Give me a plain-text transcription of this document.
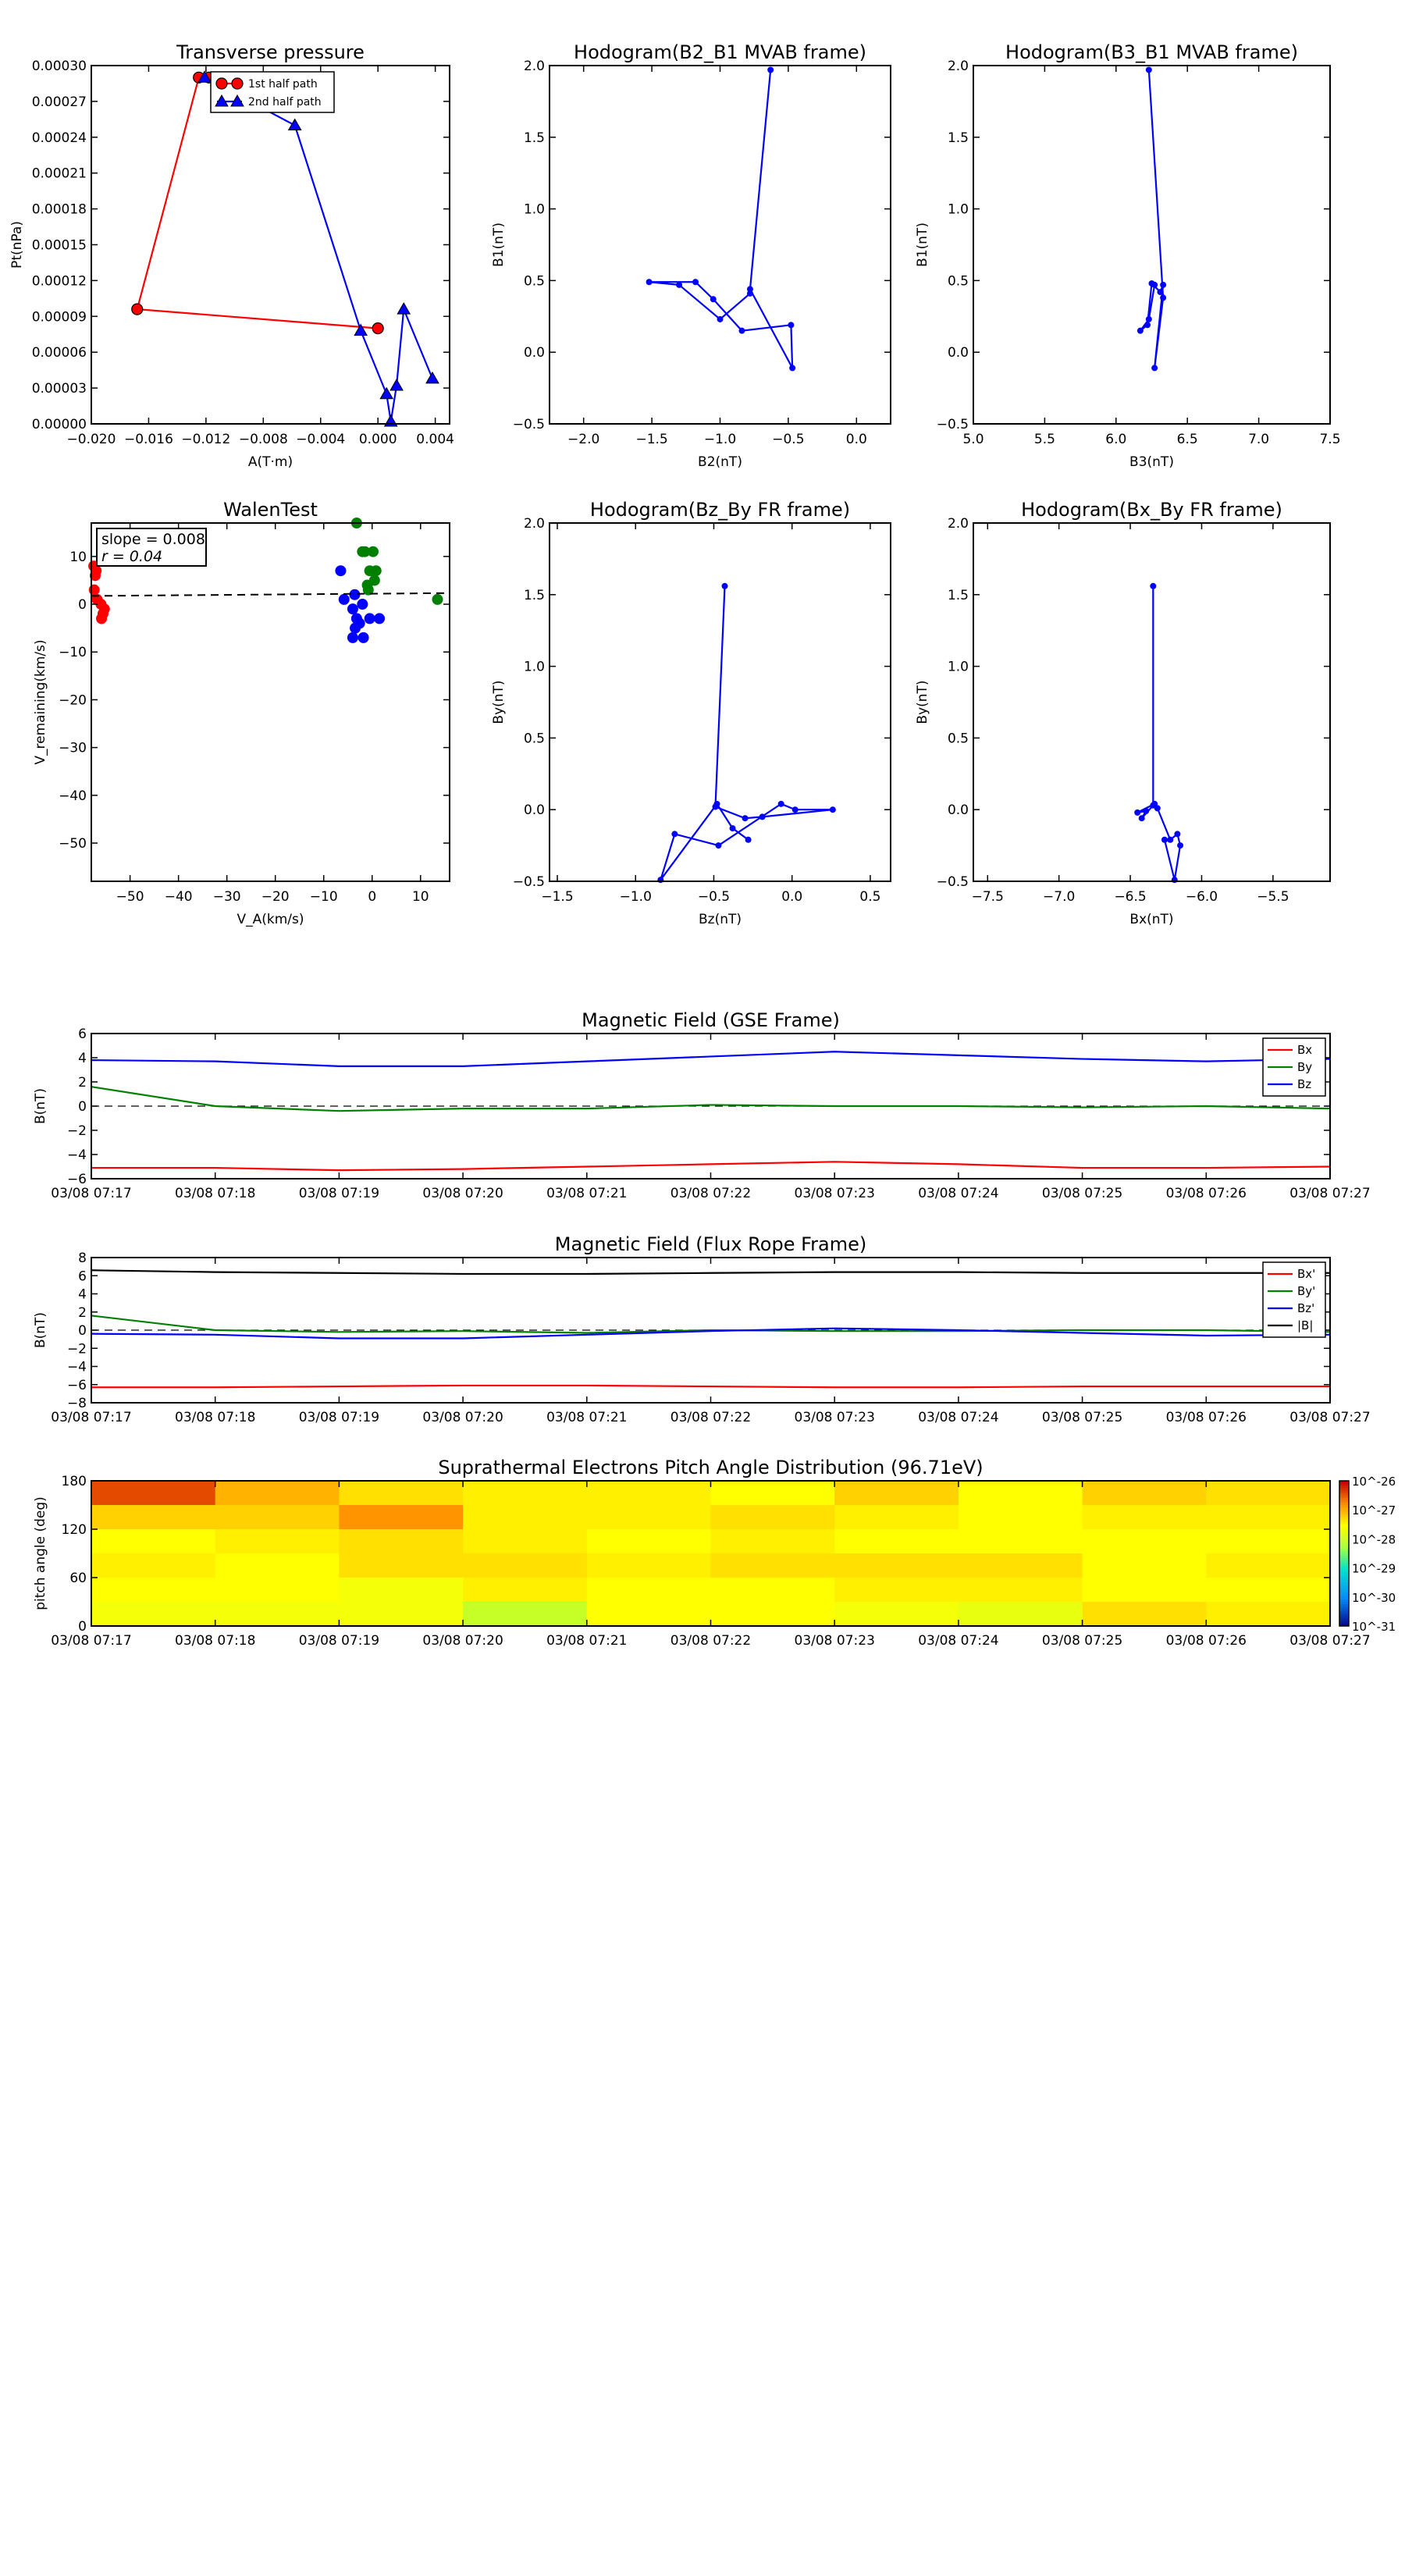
Transverse pressure
−0.020 −0.016 −0.012 −0.008 −0.004 0.000 0.004
0.00000
0.00003
0.00006
0.00009
0.00012
0.00015
0.00018
0.00021
0.00024
0.00027
0.00030
A(T·m)
Pt(nPa)
1st half path
2nd half path
Hodogram(B2_B1 MVAB frame)
−2.0	−1.5	−1.0	−0.5	0.0
−0.5
0.0
0.5
1.0
1.5
2.0
B2(nT)
B1(nT)
Hodogram(B3_B1 MVAB frame)
5.0	5.5	6.0	6.5	7.0	7.5
−0.5
0.0
0.5
1.0
1.5
2.0
B3(nT)
B1(nT)
WalenTest
−50 −40 −30 −20 −10 0	10
−50
−40
−30
−20
−10
0
10
V_A(km/s)
V_remaining(km/s)
slope = 0.008
r = 0.04
Hodogram(Bz_By FR frame)
−1.5	−1.0	−0.5	0.0	0.5
−0.5
0.0
0.5
1.0
1.5
2.0
Bz(nT)
By(nT)
Hodogram(Bx_By FR frame)
−7.5	−7.0	−6.5	−6.0	−5.5
−0.5
0.0
0.5
1.0
1.5
2.0
Bx(nT)
By(nT)
Magnetic Field (GSE Frame)
03/08 07:17	03/08 07:18	03/08 07:19	03/08 07:20	03/08 07:21	03/08 07:22	03/08 07:23	03/08 07:24	03/08 07:25	03/08 07:26	03/08 07:27
−6
−4
−2
0
2
4
6
B(nT)
Bx
By
Bz
Magnetic Field (Flux Rope Frame)
03/08 07:17	03/08 07:18	03/08 07:19	03/08 07:20	03/08 07:21	03/08 07:22	03/08 07:23	03/08 07:24	03/08 07:25	03/08 07:26	03/08 07:27
−8
−6
−4
−2
0
2
4
6
8
B(nT)
Bx'
By'
Bz'
|B|
Suprathermal Electrons Pitch Angle Distribution (96.71eV)
10^-26
10^-27
10^-28
10^-29
10^-30
10^-31
03/08 07:17	03/08 07:18	03/08 07:19	03/08 07:20	03/08 07:21	03/08 07:22	03/08 07:23	03/08 07:24	03/08 07:25	03/08 07:26	03/08 07:27
0
60
120
180
pitch angle (deg)
